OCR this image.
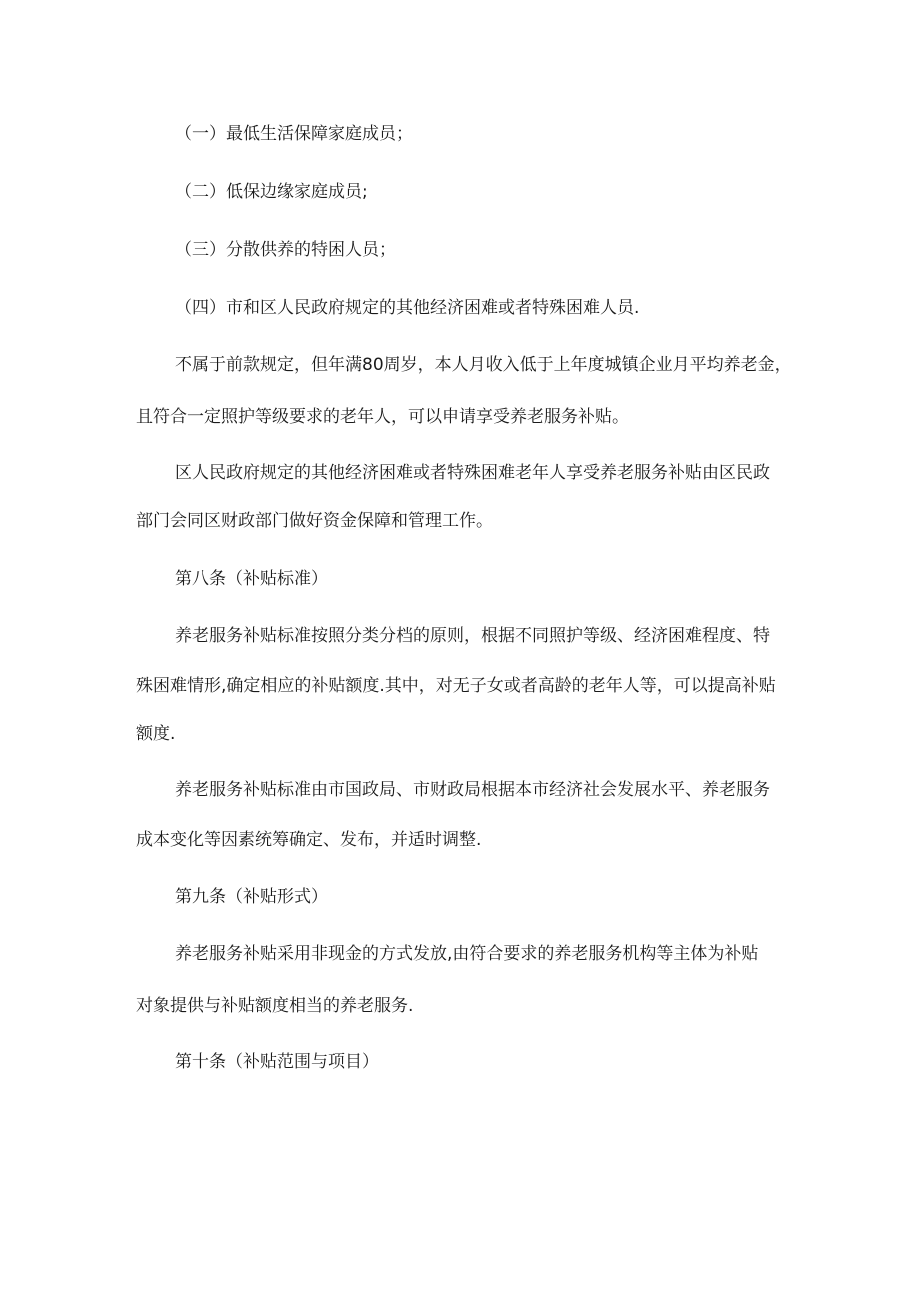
（一）最低生活保障家庭成员；

（二）低保边缘家庭成员;

（三）分散供养的特困人员；

（四）市和区人民政府规定的其他经济困难或者特殊困难人员.

不属于前款规定，但年满80周岁，本人月收入低于上年度城镇企业月平均养老金，

且符合一定照护等级要求的老年人，可以申请享受养老服务补贴。

区人民政府规定的其他经济困难或者特殊困难老年人享受养老服务补贴由区民政

部门会同区财政部门做好资金保障和管理工作。

第八条（补贴标准）

养老服务补贴标准按照分类分档的原则，根据不同照护等级、经济困难程度、特

殊困难情形,确定相应的补贴额度.其中，对无子女或者高龄的老年人等，可以提高补贴

额度.

养老服务补贴标准由市国政局、市财政局根据本市经济社会发展水平、养老服务

成本变化等因素统筹确定、发布，并适时调整.

第九条（补贴形式）

养老服务补贴采用非现金的方式发放,由符合要求的养老服务机构等主体为补贴

对象提供与补贴额度相当的养老服务.

第十条（补贴范围与项目）
